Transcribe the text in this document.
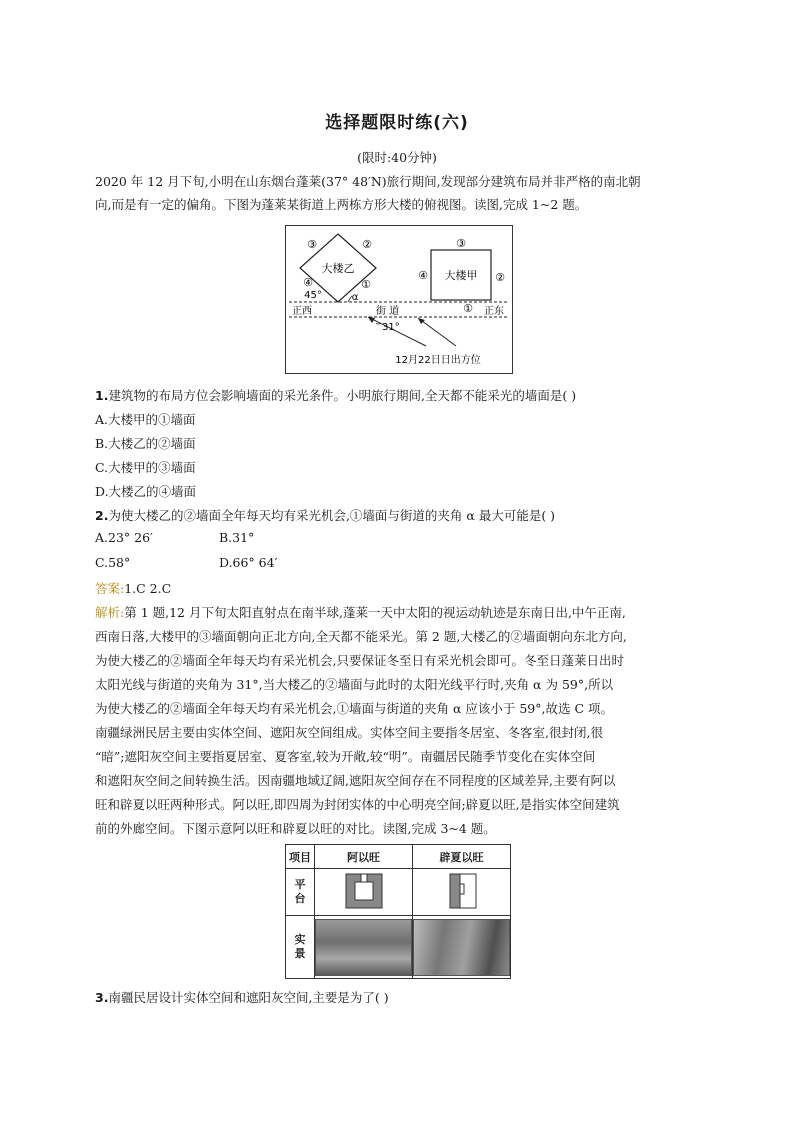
选择题限时练(六)
(限时:40分钟)
2020 年 12 月下旬,小明在山东烟台蓬莱(37° 48′N)旅行期间,发现部分建筑布局并非严格的南北朝
向,而是有一定的偏角。下图为蓬莱某街道上两栋方形大楼的俯视图。读图,完成 1~2 题。
大楼乙
③	②
④	①
45°	α
大楼甲
③
④	②
①
正西	街 道	正东
31°
12月22日日出方位
1.建筑物的布局方位会影响墙面的采光条件。小明旅行期间,全天都不能采光的墙面是( )
A.大楼甲的①墙面
B.大楼乙的②墙面
C.大楼甲的③墙面
D.大楼乙的④墙面
2.为使大楼乙的②墙面全年每天均有采光机会,①墙面与街道的夹角 α 最大可能是( )
A.23° 26′	B.31°
C.58°	D.66° 64′
答案:1.C 2.C
解析:第 1 题,12 月下旬太阳直射点在南半球,蓬莱一天中太阳的视运动轨迹是东南日出,中午正南,
西南日落,大楼甲的③墙面朝向正北方向,全天都不能采光。第 2 题,大楼乙的②墙面朝向东北方向,
为使大楼乙的②墙面全年每天均有采光机会,只要保证冬至日有采光机会即可。冬至日蓬莱日出时
太阳光线与街道的夹角为 31°,当大楼乙的②墙面与此时的太阳光线平行时,夹角 α 为 59°,所以
为使大楼乙的②墙面全年每天均有采光机会,①墙面与街道的夹角 α 应该小于 59°,故选 C 项。
南疆绿洲民居主要由实体空间、遮阳灰空间组成。实体空间主要指冬居室、冬客室,很封闭,很
“暗”;遮阳灰空间主要指夏居室、夏客室,较为开敞,较“明”。南疆居民随季节变化在实体空间
和遮阳灰空间之间转换生活。因南疆地域辽阔,遮阳灰空间存在不同程度的区域差异,主要有阿以
旺和辟夏以旺两种形式。阿以旺,即四周为封闭实体的中心明亮空间;辟夏以旺,是指实体空间建筑
前的外廊空间。下图示意阿以旺和辟夏以旺的对比。读图,完成 3~4 题。
项目	阿以旺	辟夏以旺
平台		
实景	

3.南疆民居设计实体空间和遮阳灰空间,主要是为了( )
